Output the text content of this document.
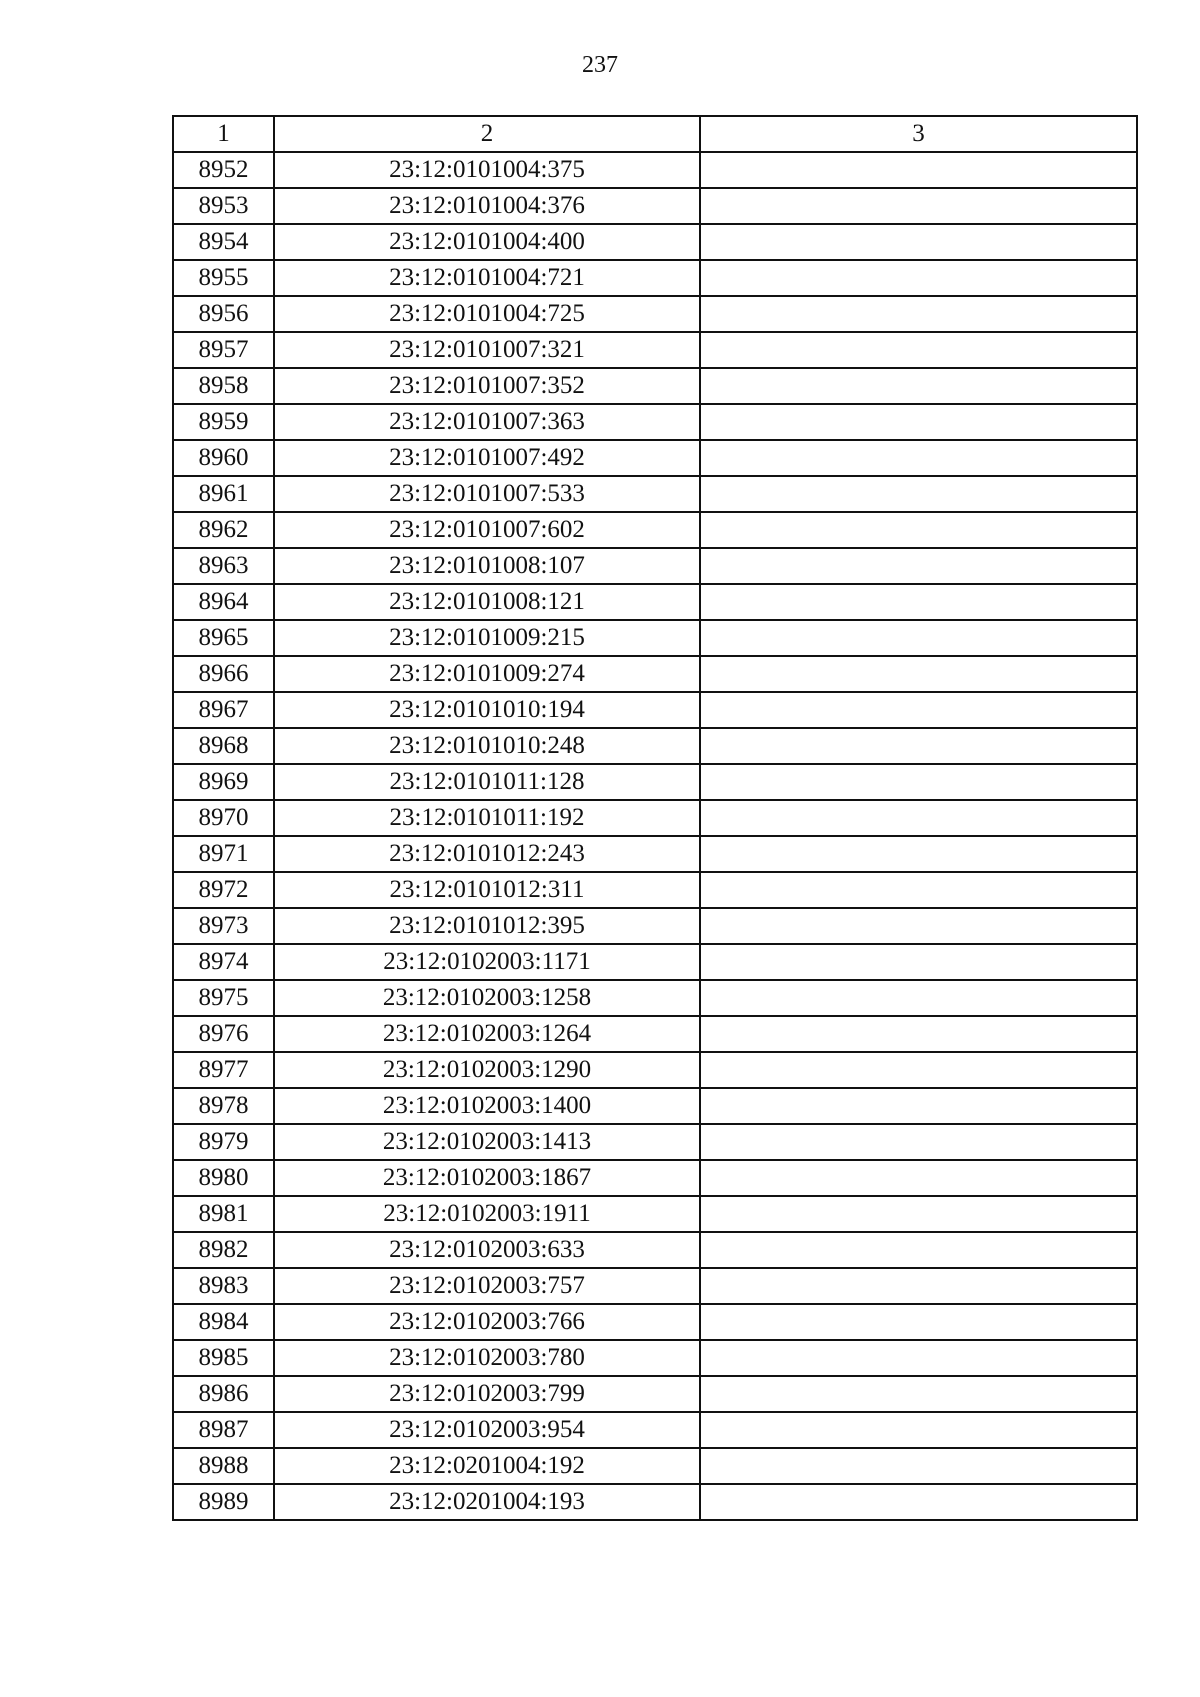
237
1	2	3
8952	23:12:0101004:375	
8953	23:12:0101004:376	
8954	23:12:0101004:400	
8955	23:12:0101004:721	
8956	23:12:0101004:725	
8957	23:12:0101007:321	
8958	23:12:0101007:352	
8959	23:12:0101007:363	
8960	23:12:0101007:492	
8961	23:12:0101007:533	
8962	23:12:0101007:602	
8963	23:12:0101008:107	
8964	23:12:0101008:121	
8965	23:12:0101009:215	
8966	23:12:0101009:274	
8967	23:12:0101010:194	
8968	23:12:0101010:248	
8969	23:12:0101011:128	
8970	23:12:0101011:192	
8971	23:12:0101012:243	
8972	23:12:0101012:311	
8973	23:12:0101012:395	
8974	23:12:0102003:1171	
8975	23:12:0102003:1258	
8976	23:12:0102003:1264	
8977	23:12:0102003:1290	
8978	23:12:0102003:1400	
8979	23:12:0102003:1413	
8980	23:12:0102003:1867	
8981	23:12:0102003:1911	
8982	23:12:0102003:633	
8983	23:12:0102003:757	
8984	23:12:0102003:766	
8985	23:12:0102003:780	
8986	23:12:0102003:799	
8987	23:12:0102003:954	
8988	23:12:0201004:192	
8989	23:12:0201004:193	
